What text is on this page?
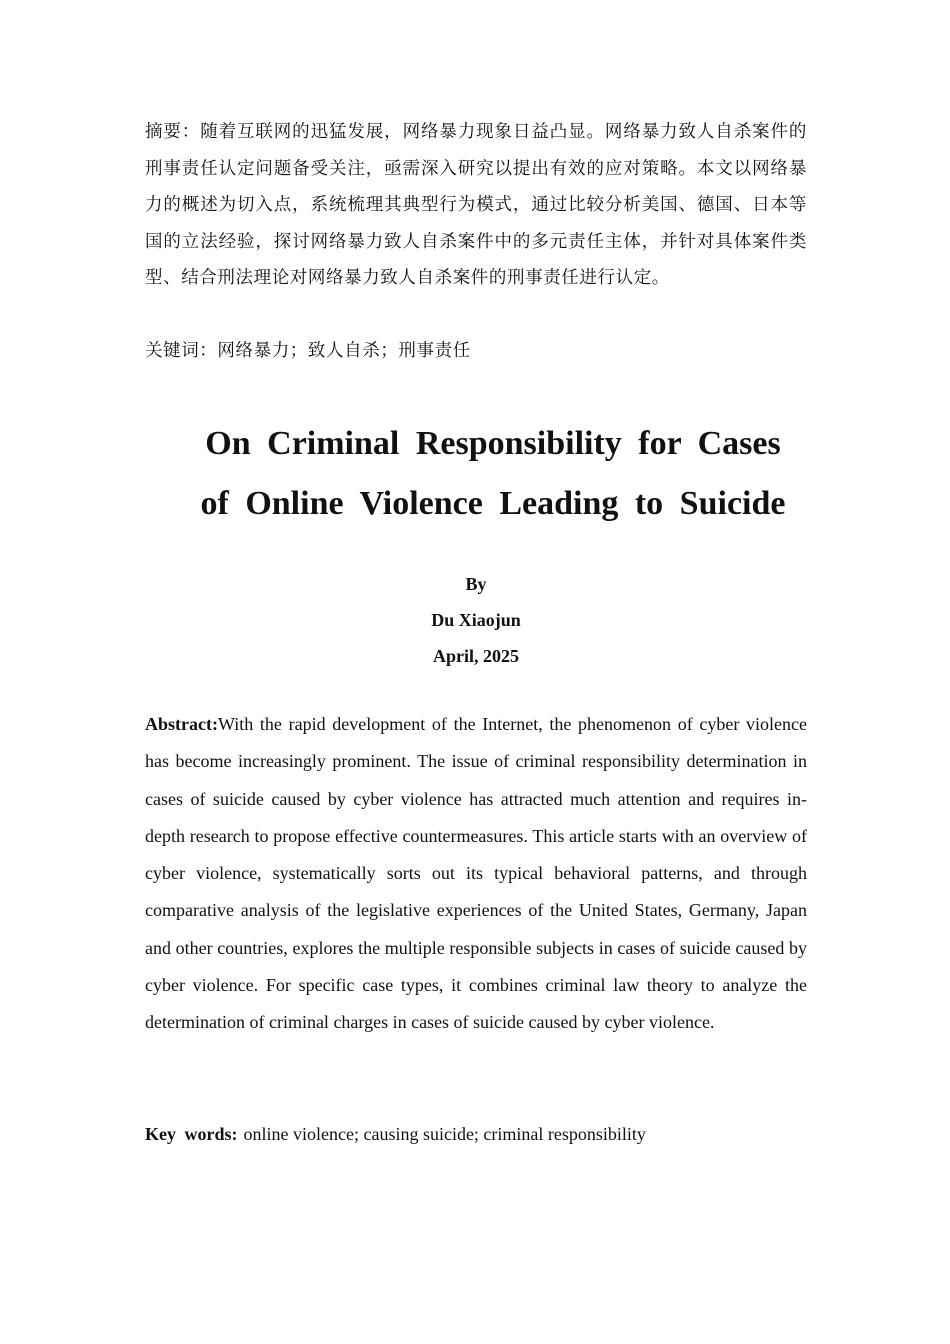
摘要：随着互联网的迅猛发展，网络暴力现象日益凸显。网络暴力致人自杀案件的刑事责任认定问题备受关注，亟需深入研究以提出有效的应对策略。本文以网络暴力的概述为切入点，系统梳理其典型行为模式，通过比较分析美国、德国、日本等国的立法经验，探讨网络暴力致人自杀案件中的多元责任主体，并针对具体案件类型、结合刑法理论对网络暴力致人自杀案件的刑事责任进行认定。

关键词：网络暴力；致人自杀；刑事责任

On Criminal Responsibility for Cases
of Online Violence Leading to Suicide
By
Du Xiaojun
April, 2025

Abstract:With the rapid development of the Internet, the phenomenon of cyber violence has become increasingly prominent. The issue of criminal responsibility determination in cases of suicide caused by cyber violence has attracted much attention and requires in-depth research to propose effective countermeasures. This article starts with an overview of cyber violence, systematically sorts out its typical behavioral patterns, and through comparative analysis of the legislative experiences of the United States, Germany, Japan and other countries, explores the multiple responsible subjects in cases of suicide caused by cyber violence. For specific case types, it combines criminal law theory to analyze the determination of criminal charges in cases of suicide caused by cyber violence.

Key words: online violence; causing suicide; criminal responsibility
